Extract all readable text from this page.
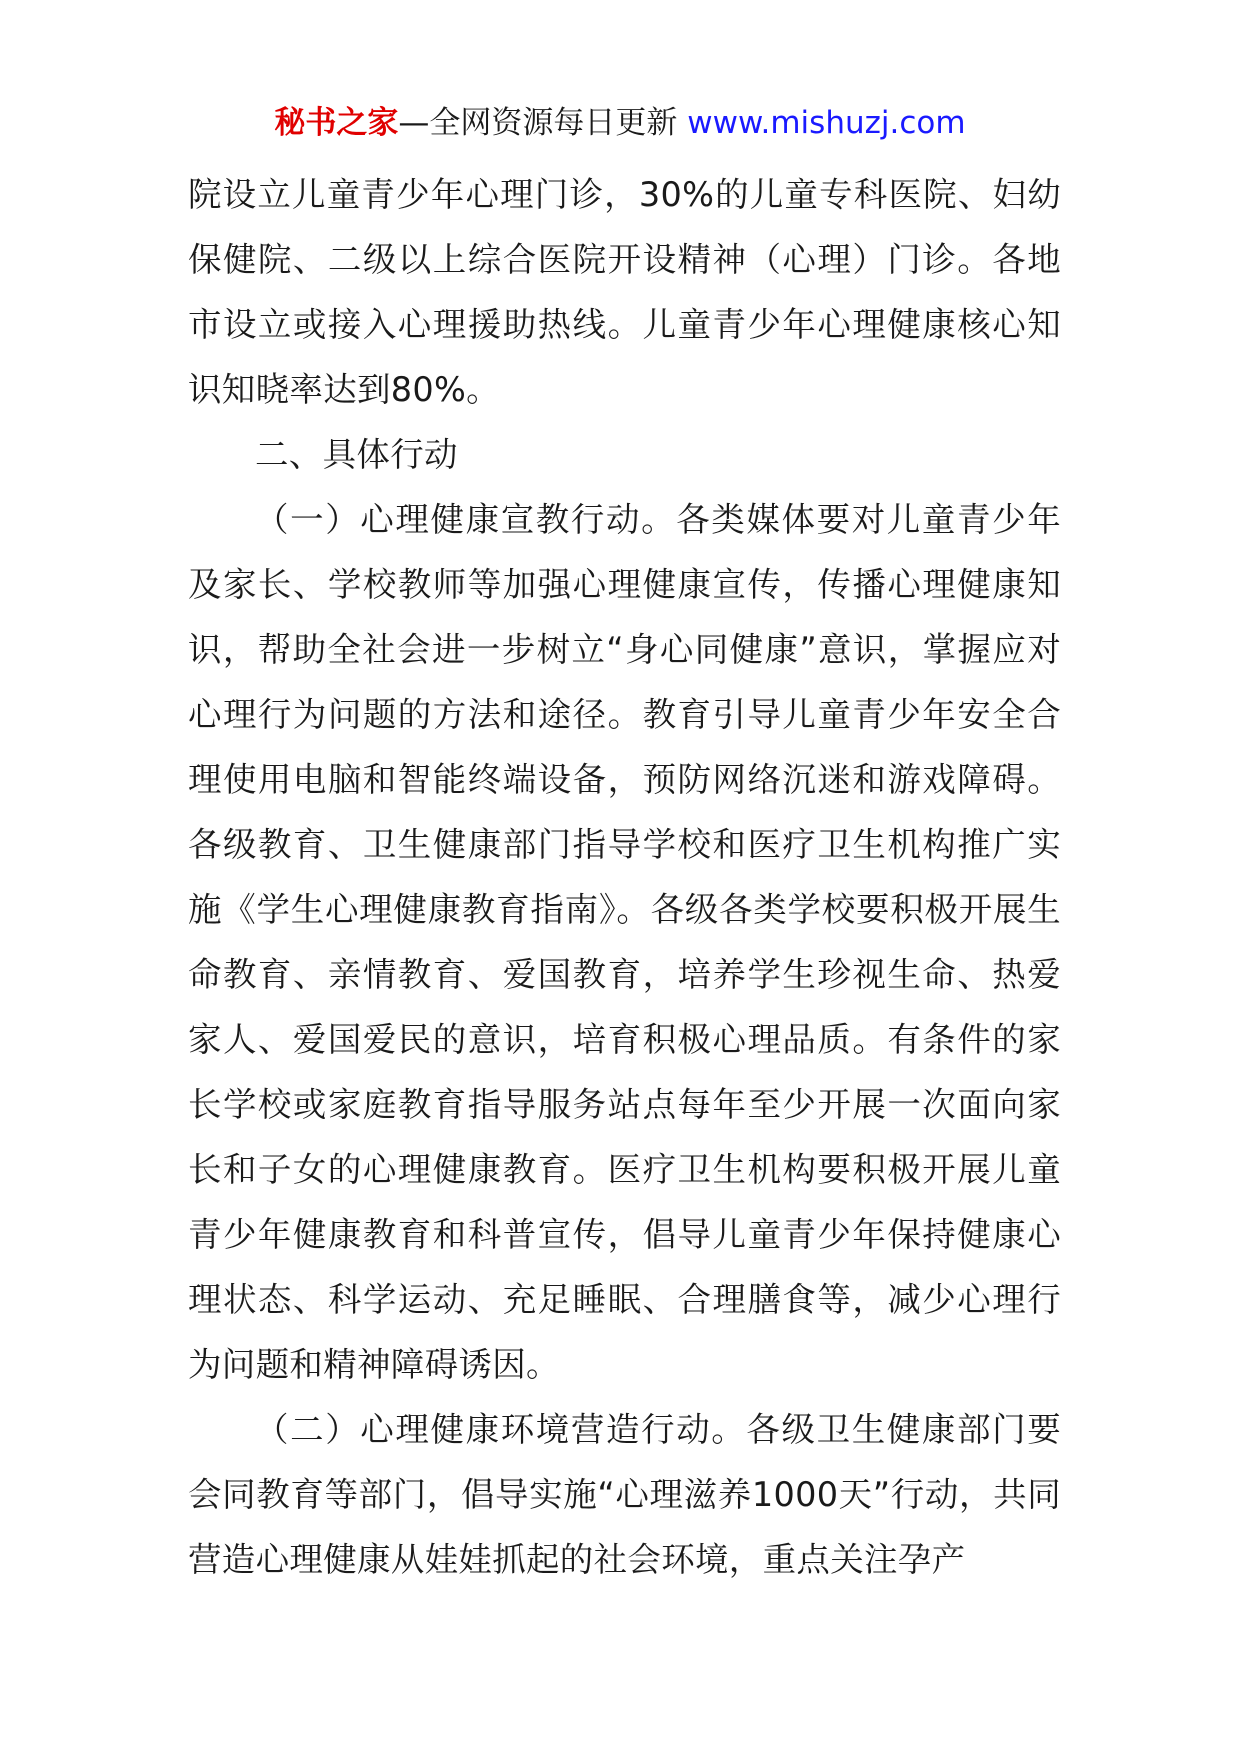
秘书之家—全网资源每日更新 www.mishuzj.com

院设立儿童青少年心理门诊，30%的儿童专科医院、妇幼保健院、二级以上综合医院开设精神（心理）门诊。各地市设立或接入心理援助热线。儿童青少年心理健康核心知识知晓率达到80%。

二、具体行动

（一）心理健康宣教行动。各类媒体要对儿童青少年及家长、学校教师等加强心理健康宣传，传播心理健康知识，帮助全社会进一步树立“身心同健康”意识，掌握应对心理行为问题的方法和途径。教育引导儿童青少年安全合理使用电脑和智能终端设备，预防网络沉迷和游戏障碍。各级教育、卫生健康部门指导学校和医疗卫生机构推广实施《学生心理健康教育指南》。各级各类学校要积极开展生命教育、亲情教育、爱国教育，培养学生珍视生命、热爱家人、爱国爱民的意识，培育积极心理品质。有条件的家长学校或家庭教育指导服务站点每年至少开展一次面向家长和子女的心理健康教育。医疗卫生机构要积极开展儿童青少年健康教育和科普宣传，倡导儿童青少年保持健康心理状态、科学运动、充足睡眠、合理膳食等，减少心理行为问题和精神障碍诱因。

（二）心理健康环境营造行动。各级卫生健康部门要会同教育等部门，倡导实施“心理滋养1000天”行动，共同营造心理健康从娃娃抓起的社会环境，重点关注孕产
